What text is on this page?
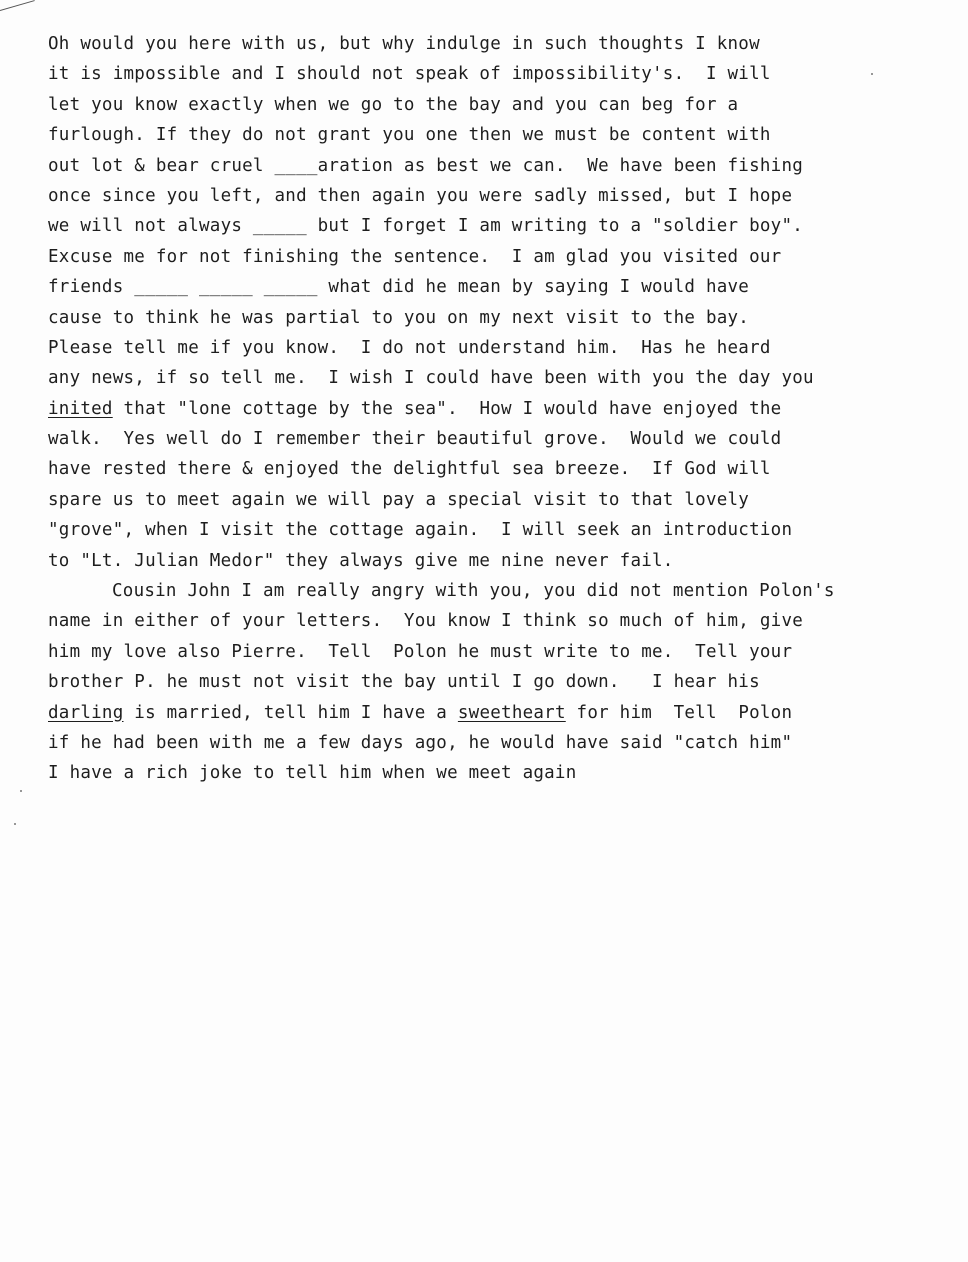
Oh would you here with us, but why indulge in such thoughts I know
it is impossible and I should not speak of impossibility's.  I will
let you know exactly when we go to the bay and you can beg for a
furlough. If they do not grant you one then we must be content with
out lot & bear cruel ____aration as best we can.  We have been fishing
once since you left, and then again you were sadly missed, but I hope
we will not always _____ but I forget I am writing to a "soldier boy".
Excuse me for not finishing the sentence.  I am glad you visited our
friends _____ _____ _____ what did he mean by saying I would have
cause to think he was partial to you on my next visit to the bay.
Please tell me if you know.  I do not understand him.  Has he heard
any news, if so tell me.  I wish I could have been with you the day you
inited that "lone cottage by the sea".  How I would have enjoyed the
walk.  Yes well do I remember their beautiful grove.  Would we could
have rested there & enjoyed the delightful sea breeze.  If God will
spare us to meet again we will pay a special visit to that lovely
"grove", when I visit the cottage again.  I will seek an introduction
to "Lt. Julian Medor" they always give me nine never fail.
Cousin John I am really angry with you, you did not mention Polon's
name in either of your letters.  You know I think so much of him, give
him my love also Pierre.  Tell  Polon he must write to me.  Tell your
brother P. he must not visit the bay until I go down.   I hear his
darling is married, tell him I have a sweetheart for him  Tell  Polon
if he had been with me a few days ago, he would have said "catch him"
I have a rich joke to tell him when we meet again
